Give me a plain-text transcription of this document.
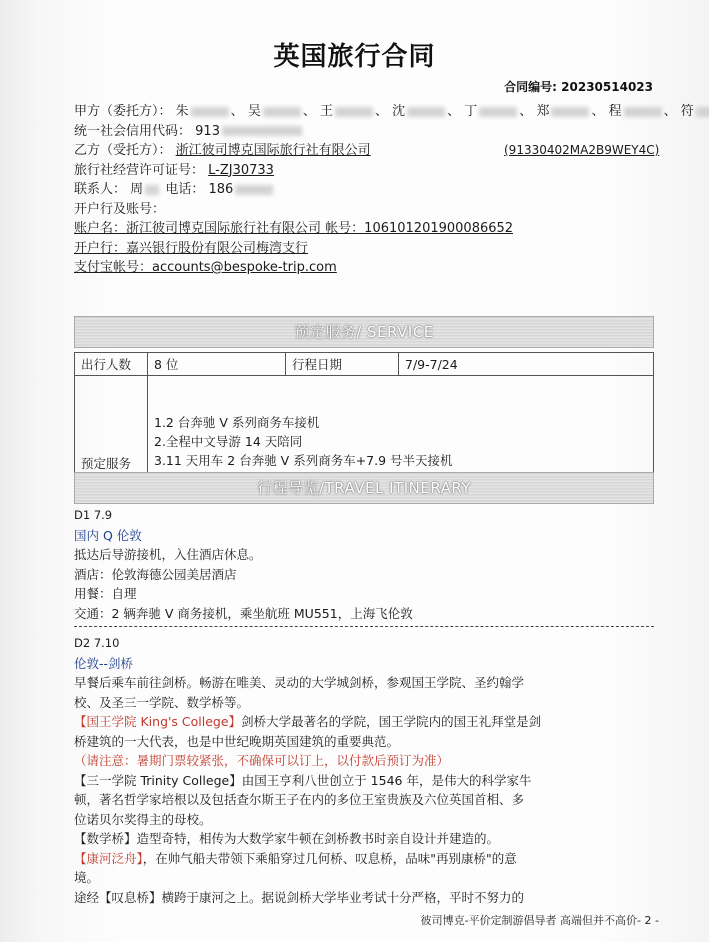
英国旅行合同
合同编号: 20230514023
甲方（委托方）： 朱	、 吴	、 王	、 沈	、 丁	、 郑	、 程	、 符
统一社会信用代码： 913
乙方（受托方）： 浙江彼司博克国际旅行社有限公司	(91330402MA2B9WEY4C)
旅行社经营许可证号： L-ZJ30733
联系人： 周 电话： 186
开户行及账号：
账户名：浙江彼司博克国际旅行社有限公司 帐号：106101201900086652
开户行：嘉兴银行股份有限公司梅湾支行
支付宝帐号：accounts@bespoke-trip.com
预定服务/ SERVICE
出行人数	8 位	行程日期	7/9-7/24
预定服务	1.2 台奔驰 V 系列商务车接机
2.全程中文导游 14 天陪同
3.11 天用车 2 台奔驰 V 系列商务车+7.9 号半天接机		
行程导览/TRAVEL ITINERARY
D1 7.9
国内 Q 伦敦
抵达后导游接机，入住酒店休息。
酒店：伦敦海德公园美居酒店
用餐：自理
交通：2 辆奔驰 V 商务接机，乘坐航班 MU551，上海飞伦敦
D2 7.10
伦敦--剑桥
早餐后乘车前往剑桥。畅游在唯美、灵动的大学城剑桥，参观国王学院、圣约翰学
校、及圣三一学院、数学桥等。
【国王学院 King's College】剑桥大学最著名的学院，国王学院内的国王礼拜堂是剑
桥建筑的一大代表，也是中世纪晚期英国建筑的重要典范。
（请注意：暑期门票较紧张，不确保可以订上，以付款后预订为准）
【三一学院 Trinity College】由国王亨利八世创立于 1546 年，是伟大的科学家牛
顿，著名哲学家培根以及包括查尔斯王子在内的多位王室贵族及六位英国首相、多
位诺贝尔奖得主的母校。
【数学桥】造型奇特，相传为大数学家牛顿在剑桥教书时亲自设计并建造的。
【康河泛舟】，在帅气船夫带领下乘船穿过几何桥、叹息桥，品味"再别康桥"的意
境。
途经【叹息桥】横跨于康河之上。据说剑桥大学毕业考试十分严格，平时不努力的
彼司博克-平价定制游倡导者 高端但并不高价- 2 -
